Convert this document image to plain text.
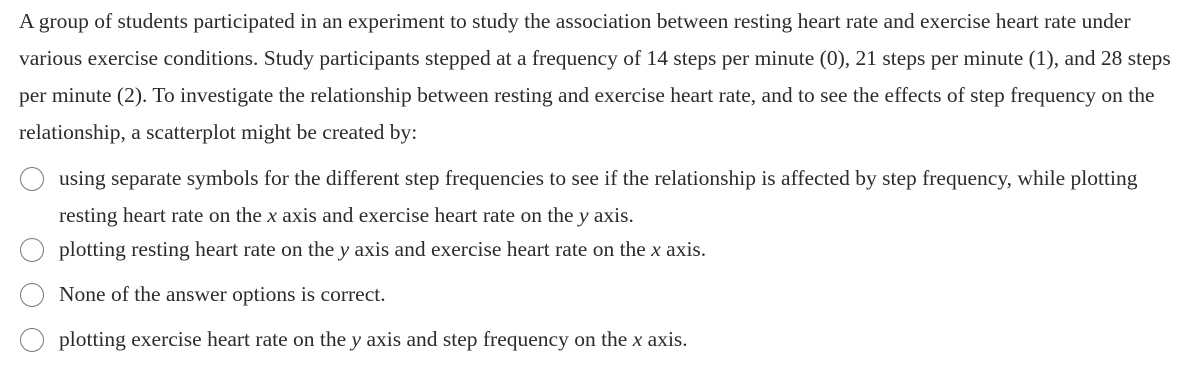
A group of students participated in an experiment to study the association between resting heart rate and exercise heart rate under various exercise conditions. Study participants stepped at a frequency of 14 steps per minute (0), 21 steps per minute (1), and 28 steps per minute (2). To investigate the relationship between resting and exercise heart rate, and to see the effects of step frequency on the relationship, a scatterplot might be created by:

using separate symbols for the different step frequencies to see if the relationship is affected by step frequency, while plotting resting heart rate on the x axis and exercise heart rate on the y axis.
plotting resting heart rate on the y axis and exercise heart rate on the x axis.
None of the answer options is correct.
plotting exercise heart rate on the y axis and step frequency on the x axis.
